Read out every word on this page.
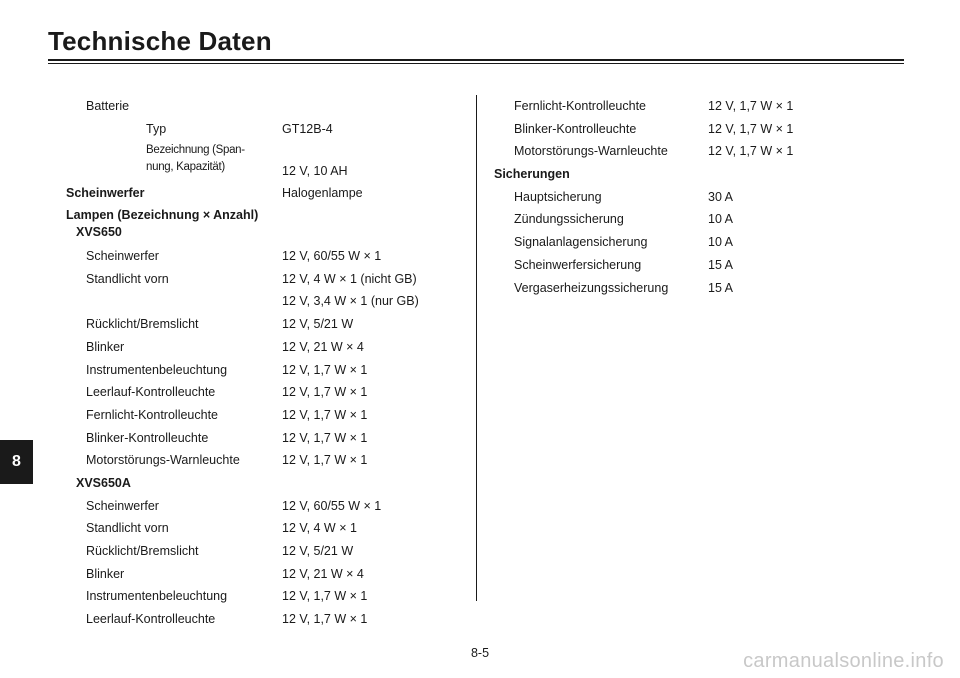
Technische Daten
8
Batterie
Typ	GT12B-4
Bezeichnung (Span-
nung, Kapazität)	12 V, 10 AH
Scheinwerfer	Halogenlampe
Lampen (Bezeichnung × Anzahl)
XVS650
Scheinwerfer	12 V, 60/55 W × 1
Standlicht vorn	12 V, 4 W × 1 (nicht GB)
12 V, 3,4 W × 1 (nur GB)
Rücklicht/Bremslicht	12 V, 5/21 W
Blinker	12 V, 21 W × 4
Instrumentenbeleuchtung	12 V, 1,7 W × 1
Leerlauf-Kontrolleuchte	12 V, 1,7 W × 1
Fernlicht-Kontrolleuchte	12 V, 1,7 W × 1
Blinker-Kontrolleuchte	12 V, 1,7 W × 1
Motorstörungs-Warnleuchte	12 V, 1,7 W × 1
XVS650A
Scheinwerfer	12 V, 60/55 W × 1
Standlicht vorn	12 V, 4 W × 1
Rücklicht/Bremslicht	12 V, 5/21 W
Blinker	12 V, 21 W × 4
Instrumentenbeleuchtung	12 V, 1,7 W × 1
Leerlauf-Kontrolleuchte	12 V, 1,7 W × 1
Fernlicht-Kontrolleuchte	12 V, 1,7 W × 1
Blinker-Kontrolleuchte	12 V, 1,7 W × 1
Motorstörungs-Warnleuchte	12 V, 1,7 W × 1
Sicherungen
Hauptsicherung	30 A
Zündungssicherung	10 A
Signalanlagensicherung	10 A
Scheinwerfersicherung	15 A
Vergaserheizungssicherung	15 A
8-5	carmanualsonline.info
